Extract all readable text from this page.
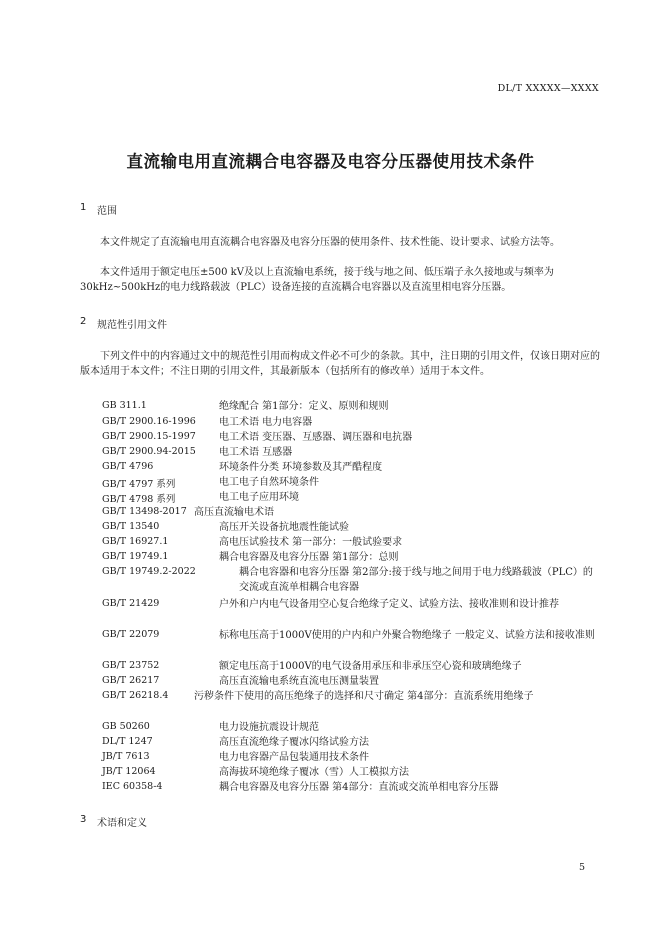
DL/T XXXXX—XXXX
直流输电用直流耦合电容器及电容分压器使用技术条件
1 范围
本文件规定了直流输电用直流耦合电容器及电容分压器的使用条件、技术性能、设计要求、试验方法等。
本文件适用于额定电压±500 kV及以上直流输电系统，接于线与地之间、低压端子永久接地或与频率为30kHz~500kHz的电力线路载波（PLC）设备连接的直流耦合电容器以及直流里相电容分压器。
2 规范性引用文件
下列文件中的内容通过文中的规范性引用而构成文件必不可少的条款。其中，注日期的引用文件，仅该日期对应的版本适用于本文件；不注日期的引用文件，其最新版本（包括所有的修改单）适用于本文件。
GB 311.1	绝缘配合 第1部分：定义、原则和规则
GB/T 2900.16-1996 电工术语 电力电容器
GB/T 2900.15-1997 电工术语 变压器、互感器、调压器和电抗器
GB/T 2900.94-2015 电工术语 互感器
GB/T 4796	环境条件分类 环境参数及其严酷程度
GB/T 4797 系列	电工电子自然环境条件
GB/T 4798 系列	电工电子应用环境
GB/T 13498-2017 高压直流输电术语
GB/T 13540	高压开关设备抗地震性能试验
GB/T 16927.1	高电压试验技术 第一部分：一般试验要求
GB/T 19749.1	耦合电容器及电容分压器 第1部分：总则
GB/T 19749.2-2022	耦合电容器和电容分压器 第2部分:接于线与地之间用于电力线路载波（PLC）的交流或直流单相耦合电容器
GB/T 21429	户外和户内电气设备用空心复合绝缘子定义、试验方法、接收准则和设计推荐
GB/T 22079	标称电压高于1000V使用的户内和户外聚合物绝缘子 一般定义、试验方法和接收准则
GB/T 23752	额定电压高于1000V的电气设备用承压和非承压空心瓷和玻璃绝缘子
GB/T 26217	高压直流输电系统直流电压测量装置
GB/T 26218.4	污秽条件下使用的高压绝缘子的选择和尺寸确定 第4部分：直流系统用绝缘子
GB 50260	电力设施抗震设计规范
DL/T 1247	高压直流绝缘子覆冰闪络试验方法
JB/T 7613	电力电容器产品包装通用技术条件
JB/T 12064	高海拔环境绝缘子覆冰（雪）人工模拟方法
IEC 60358-4	耦合电容器及电容分压器 第4部分：直流或交流单相电容分压器
3 术语和定义
5
